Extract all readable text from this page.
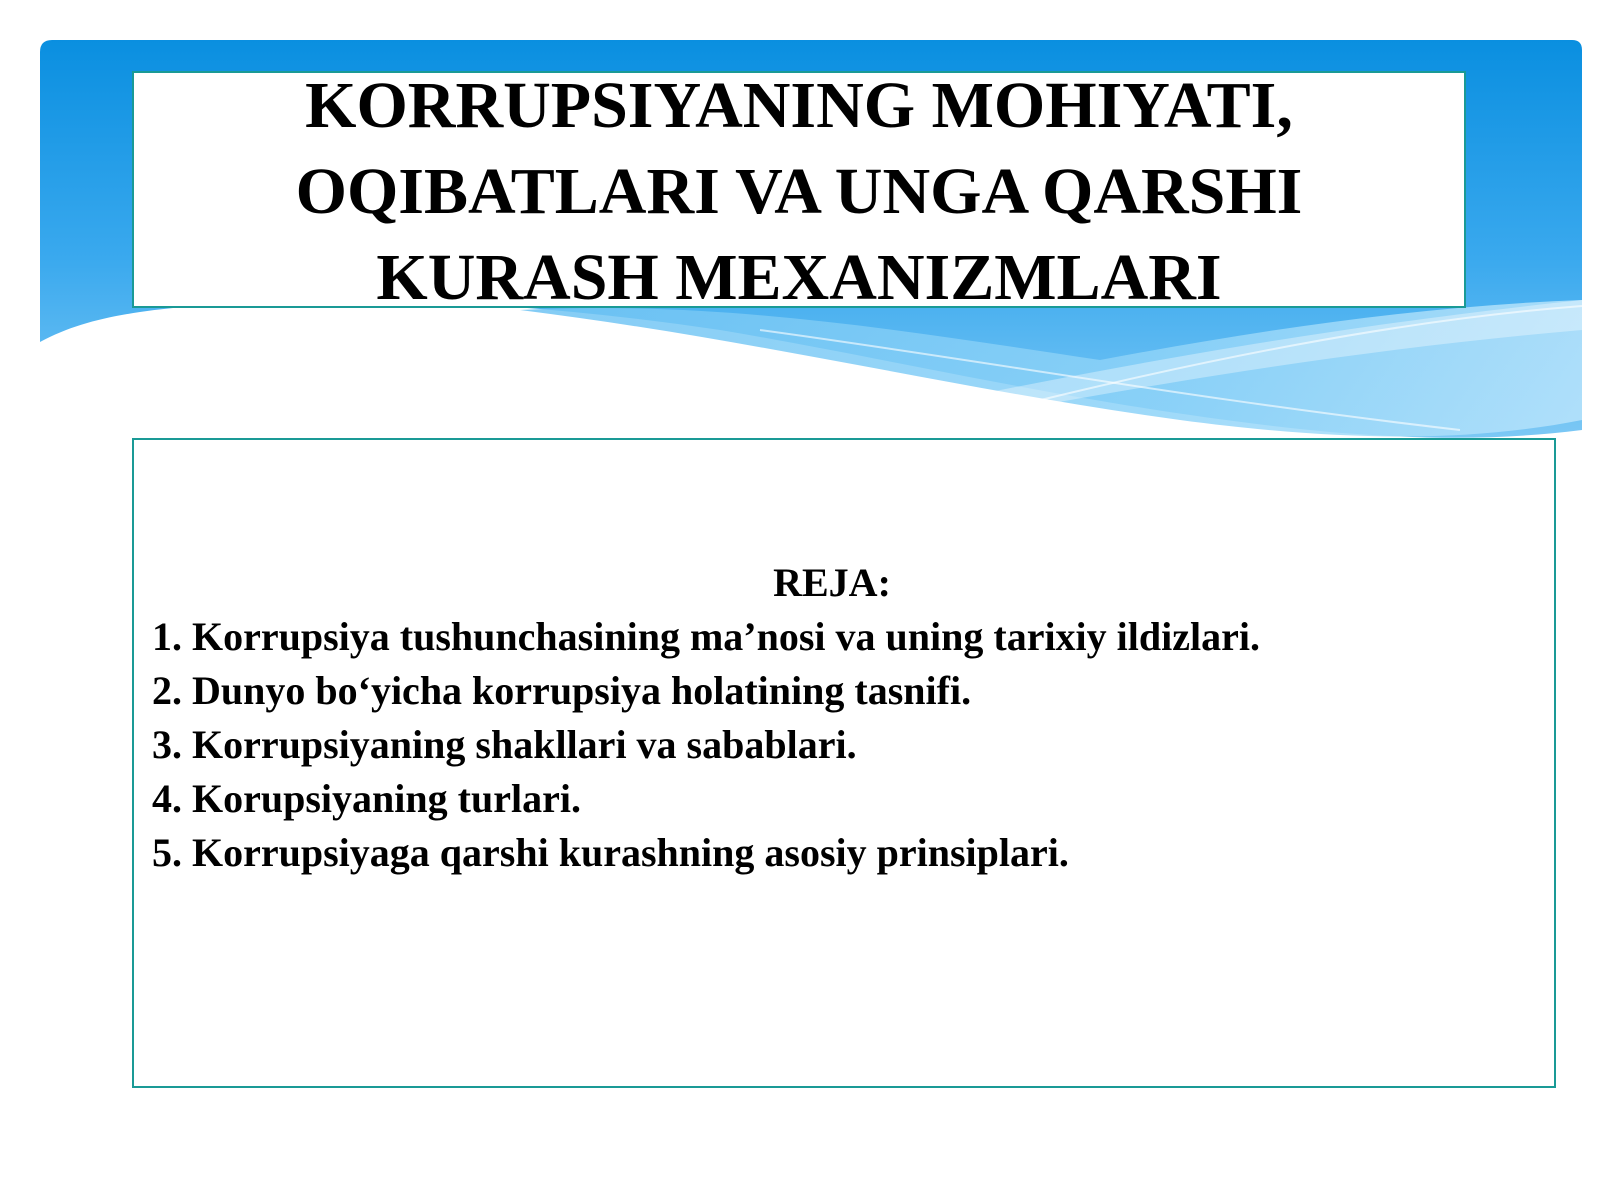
KORRUPSIYANING MOHIYATI,
OQIBATLARI VA UNGA QARSHI
KURASH MEXANIZMLARI
REJA:
1. Korrupsiya tushunchasining ma’nosi va uning tarixiy ildizlari.
2. Dunyo bo‘yicha korrupsiya holatining tasnifi.
3. Korrupsiyaning shakllari va sabablari.
4. Korupsiyaning turlari.
5. Korrupsiyaga qarshi kurashning asosiy prinsiplari.
